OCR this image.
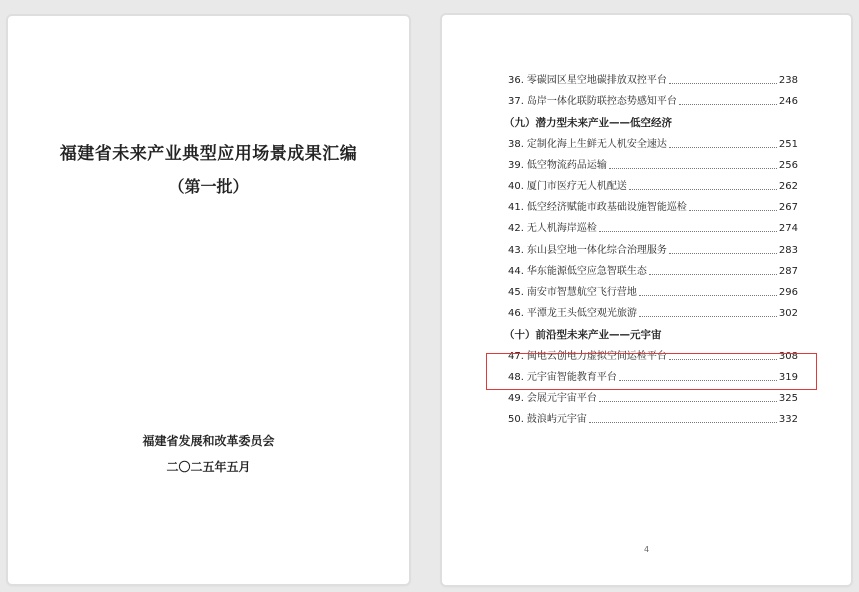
福建省未来产业典型应用场景成果汇编
（第一批）
福建省发展和改革委员会
二〇二五年五月
36. 零碳园区星空地碳排放双控平台	238
37. 岛岸一体化联防联控态势感知平台	246
（九）潜力型未来产业——低空经济
38. 定制化海上生鲜无人机安全速达	251
39. 低空物流药品运输	256
40. 厦门市医疗无人机配送	262
41. 低空经济赋能市政基础设施智能巡检	267
42. 无人机海岸巡检	274
43. 东山县空地一体化综合治理服务	283
44. 华东能源低空应急智联生态	287
45. 南安市智慧航空飞行营地	296
46. 平潭龙王头低空观光旅游	302
（十）前沿型未来产业——元宇宙
47. 闽电云创电力虚拟空间运检平台	308
48. 元宇宙智能教育平台	319
49. 会展元宇宙平台	325
50. 鼓浪屿元宇宙	332
4
